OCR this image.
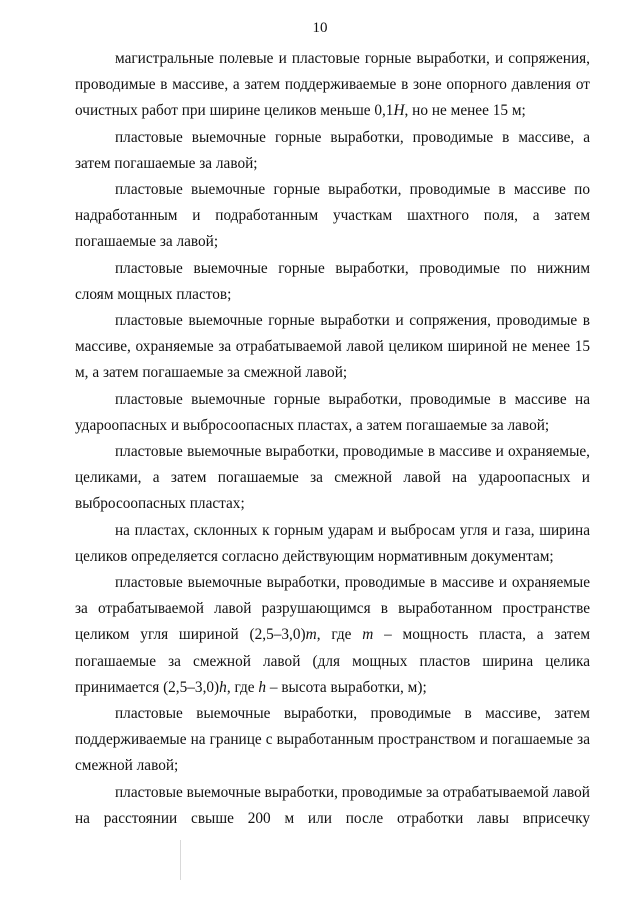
10

магистральные полевые и пластовые горные выработки, и сопряжения, проводимые в массиве, а затем поддерживаемые в зоне опорного давления от очистных работ при ширине целиков меньше 0,1H, но не менее 15 м;

пластовые выемочные горные выработки, проводимые в массиве, а затем погашаемые за лавой;

пластовые выемочные горные выработки, проводимые в массиве по надработанным и подработанным участкам шахтного поля, а затем погашаемые за лавой;

пластовые выемочные горные выработки, проводимые по нижним слоям мощных пластов;

пластовые выемочные горные выработки и сопряжения, проводимые в массиве, охраняемые за отрабатываемой лавой целиком шириной не менее 15 м, а затем погашаемые за смежной лавой;

пластовые выемочные горные выработки, проводимые в массиве на удароопасных и выбросоопасных пластах, а затем погашаемые за лавой;

пластовые выемочные выработки, проводимые в массиве и охраняемые, целиками, а затем погашаемые за смежной лавой на удароопасных и выбросоопасных пластах;

на пластах, склонных к горным ударам и выбросам угля и газа, ширина целиков определяется согласно действующим нормативным документам;

пластовые выемочные выработки, проводимые в массиве и охраняемые за отрабатываемой лавой разрушающимся в выработанном пространстве целиком угля шириной (2,5–3,0)m, где m – мощность пласта, а затем погашаемые за смежной лавой (для мощных пластов ширина целика принимается (2,5–3,0)h, где h – высота выработки, м);

пластовые выемочные выработки, проводимые в массиве, затем поддерживаемые на границе с выработанным пространством и погашаемые за смежной лавой;

пластовые выемочные выработки, проводимые за отрабатываемой лавой на расстоянии свыше 200 м или после отработки лавы вприсечку
